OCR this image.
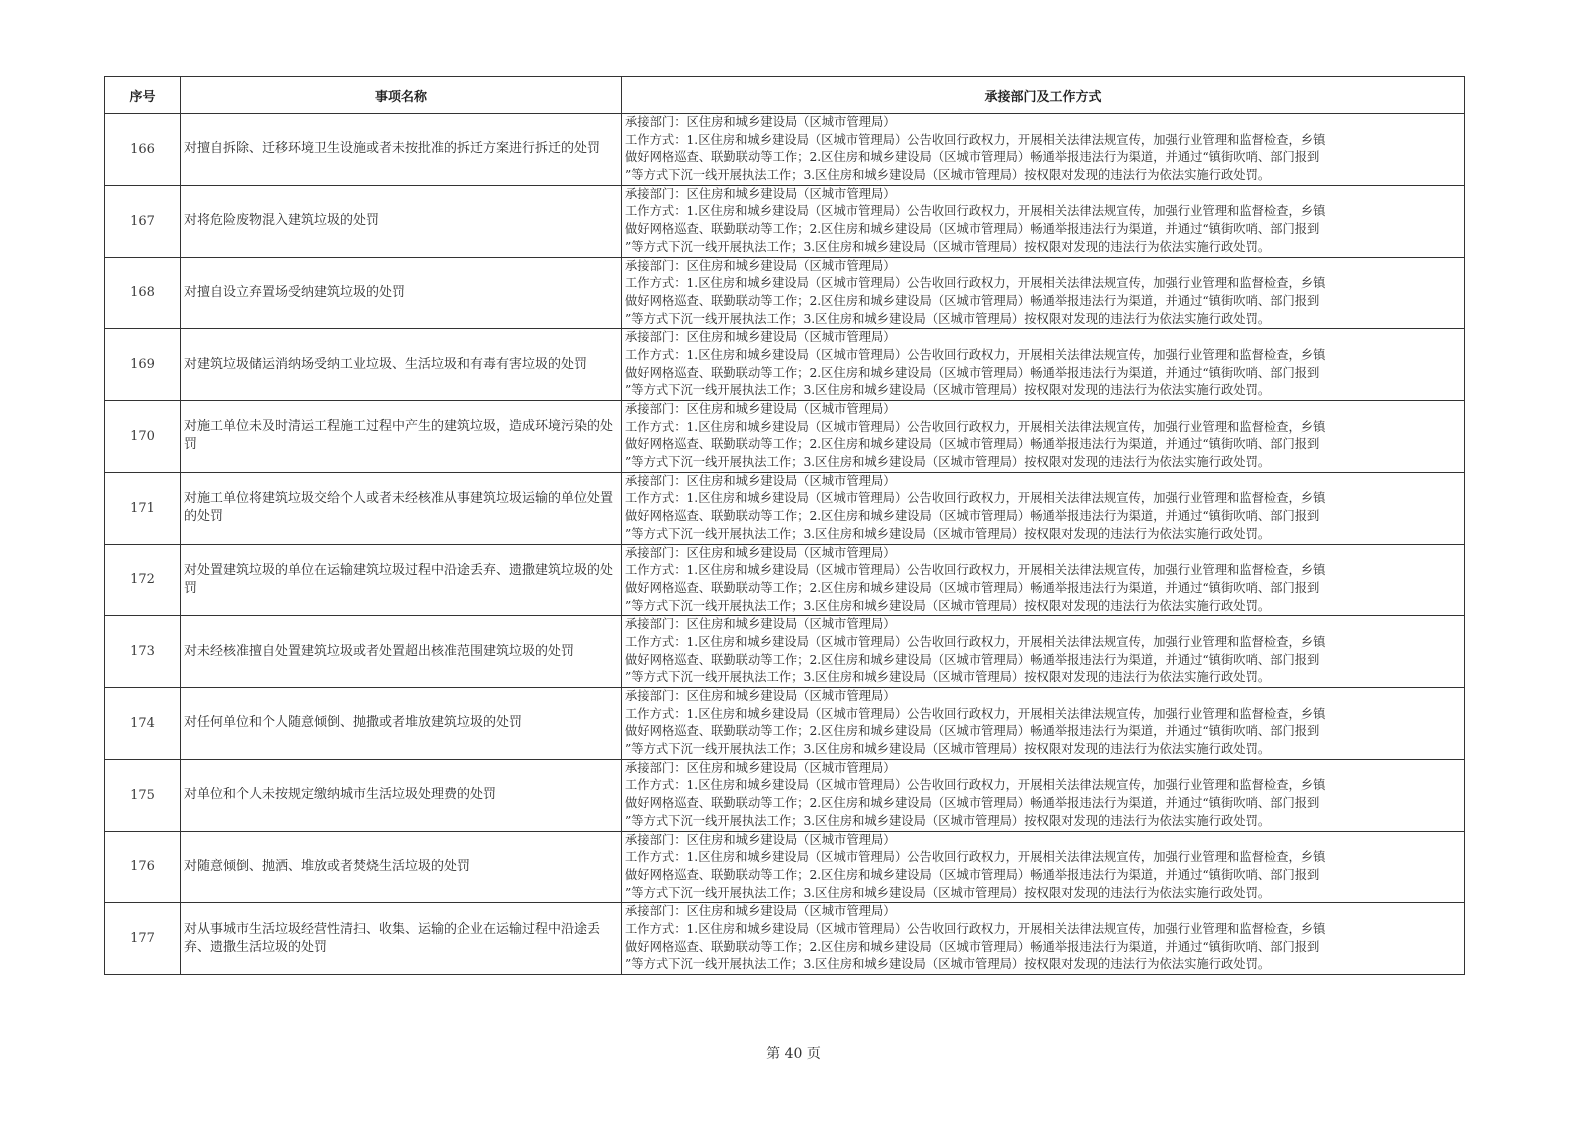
序号	事项名称	承接部门及工作方式
166	对擅自拆除、迁移环境卫生设施或者未按批准的拆迁方案进行拆迁的处罚	承接部门：区住房和城乡建设局（区城市管理局）
工作方式：1.区住房和城乡建设局（区城市管理局）公告收回行政权力，开展相关法律法规宣传，加强行业管理和监督检查，乡镇
做好网格巡查、联勤联动等工作；2.区住房和城乡建设局（区城市管理局）畅通举报违法行为渠道，并通过“镇街吹哨、部门报到
”等方式下沉一线开展执法工作；3.区住房和城乡建设局（区城市管理局）按权限对发现的违法行为依法实施行政处罚。

167	对将危险废物混入建筑垃圾的处罚	承接部门：区住房和城乡建设局（区城市管理局）
工作方式：1.区住房和城乡建设局（区城市管理局）公告收回行政权力，开展相关法律法规宣传，加强行业管理和监督检查，乡镇
做好网格巡查、联勤联动等工作；2.区住房和城乡建设局（区城市管理局）畅通举报违法行为渠道，并通过“镇街吹哨、部门报到
”等方式下沉一线开展执法工作；3.区住房和城乡建设局（区城市管理局）按权限对发现的违法行为依法实施行政处罚。

168	对擅自设立弃置场受纳建筑垃圾的处罚	承接部门：区住房和城乡建设局（区城市管理局）
工作方式：1.区住房和城乡建设局（区城市管理局）公告收回行政权力，开展相关法律法规宣传，加强行业管理和监督检查，乡镇
做好网格巡查、联勤联动等工作；2.区住房和城乡建设局（区城市管理局）畅通举报违法行为渠道，并通过“镇街吹哨、部门报到
”等方式下沉一线开展执法工作；3.区住房和城乡建设局（区城市管理局）按权限对发现的违法行为依法实施行政处罚。

169	对建筑垃圾储运消纳场受纳工业垃圾、生活垃圾和有毒有害垃圾的处罚	承接部门：区住房和城乡建设局（区城市管理局）
工作方式：1.区住房和城乡建设局（区城市管理局）公告收回行政权力，开展相关法律法规宣传，加强行业管理和监督检查，乡镇
做好网格巡查、联勤联动等工作；2.区住房和城乡建设局（区城市管理局）畅通举报违法行为渠道，并通过“镇街吹哨、部门报到
”等方式下沉一线开展执法工作；3.区住房和城乡建设局（区城市管理局）按权限对发现的违法行为依法实施行政处罚。

170	对施工单位未及时清运工程施工过程中产生的建筑垃圾，造成环境污染的处罚	承接部门：区住房和城乡建设局（区城市管理局）
工作方式：1.区住房和城乡建设局（区城市管理局）公告收回行政权力，开展相关法律法规宣传，加强行业管理和监督检查，乡镇
做好网格巡查、联勤联动等工作；2.区住房和城乡建设局（区城市管理局）畅通举报违法行为渠道，并通过“镇街吹哨、部门报到
”等方式下沉一线开展执法工作；3.区住房和城乡建设局（区城市管理局）按权限对发现的违法行为依法实施行政处罚。

171	对施工单位将建筑垃圾交给个人或者未经核准从事建筑垃圾运输的单位处置的处罚	承接部门：区住房和城乡建设局（区城市管理局）
工作方式：1.区住房和城乡建设局（区城市管理局）公告收回行政权力，开展相关法律法规宣传，加强行业管理和监督检查，乡镇
做好网格巡查、联勤联动等工作；2.区住房和城乡建设局（区城市管理局）畅通举报违法行为渠道，并通过“镇街吹哨、部门报到
”等方式下沉一线开展执法工作；3.区住房和城乡建设局（区城市管理局）按权限对发现的违法行为依法实施行政处罚。

172	对处置建筑垃圾的单位在运输建筑垃圾过程中沿途丢弃、遗撒建筑垃圾的处罚	承接部门：区住房和城乡建设局（区城市管理局）
工作方式：1.区住房和城乡建设局（区城市管理局）公告收回行政权力，开展相关法律法规宣传，加强行业管理和监督检查，乡镇
做好网格巡查、联勤联动等工作；2.区住房和城乡建设局（区城市管理局）畅通举报违法行为渠道，并通过“镇街吹哨、部门报到
”等方式下沉一线开展执法工作；3.区住房和城乡建设局（区城市管理局）按权限对发现的违法行为依法实施行政处罚。

173	对未经核准擅自处置建筑垃圾或者处置超出核准范围建筑垃圾的处罚	承接部门：区住房和城乡建设局（区城市管理局）
工作方式：1.区住房和城乡建设局（区城市管理局）公告收回行政权力，开展相关法律法规宣传，加强行业管理和监督检查，乡镇
做好网格巡查、联勤联动等工作；2.区住房和城乡建设局（区城市管理局）畅通举报违法行为渠道，并通过“镇街吹哨、部门报到
”等方式下沉一线开展执法工作；3.区住房和城乡建设局（区城市管理局）按权限对发现的违法行为依法实施行政处罚。

174	对任何单位和个人随意倾倒、抛撒或者堆放建筑垃圾的处罚	承接部门：区住房和城乡建设局（区城市管理局）
工作方式：1.区住房和城乡建设局（区城市管理局）公告收回行政权力，开展相关法律法规宣传，加强行业管理和监督检查，乡镇
做好网格巡查、联勤联动等工作；2.区住房和城乡建设局（区城市管理局）畅通举报违法行为渠道，并通过“镇街吹哨、部门报到
”等方式下沉一线开展执法工作；3.区住房和城乡建设局（区城市管理局）按权限对发现的违法行为依法实施行政处罚。

175	对单位和个人未按规定缴纳城市生活垃圾处理费的处罚	承接部门：区住房和城乡建设局（区城市管理局）
工作方式：1.区住房和城乡建设局（区城市管理局）公告收回行政权力，开展相关法律法规宣传，加强行业管理和监督检查，乡镇
做好网格巡查、联勤联动等工作；2.区住房和城乡建设局（区城市管理局）畅通举报违法行为渠道，并通过“镇街吹哨、部门报到
”等方式下沉一线开展执法工作；3.区住房和城乡建设局（区城市管理局）按权限对发现的违法行为依法实施行政处罚。

176	对随意倾倒、抛洒、堆放或者焚烧生活垃圾的处罚	承接部门：区住房和城乡建设局（区城市管理局）
工作方式：1.区住房和城乡建设局（区城市管理局）公告收回行政权力，开展相关法律法规宣传，加强行业管理和监督检查，乡镇
做好网格巡查、联勤联动等工作；2.区住房和城乡建设局（区城市管理局）畅通举报违法行为渠道，并通过“镇街吹哨、部门报到
”等方式下沉一线开展执法工作；3.区住房和城乡建设局（区城市管理局）按权限对发现的违法行为依法实施行政处罚。

177	对从事城市生活垃圾经营性清扫、收集、运输的企业在运输过程中沿途丢弃、遗撒生活垃圾的处罚	承接部门：区住房和城乡建设局（区城市管理局）
工作方式：1.区住房和城乡建设局（区城市管理局）公告收回行政权力，开展相关法律法规宣传，加强行业管理和监督检查，乡镇
做好网格巡查、联勤联动等工作；2.区住房和城乡建设局（区城市管理局）畅通举报违法行为渠道，并通过“镇街吹哨、部门报到
”等方式下沉一线开展执法工作；3.区住房和城乡建设局（区城市管理局）按权限对发现的违法行为依法实施行政处罚。
第 40 页
